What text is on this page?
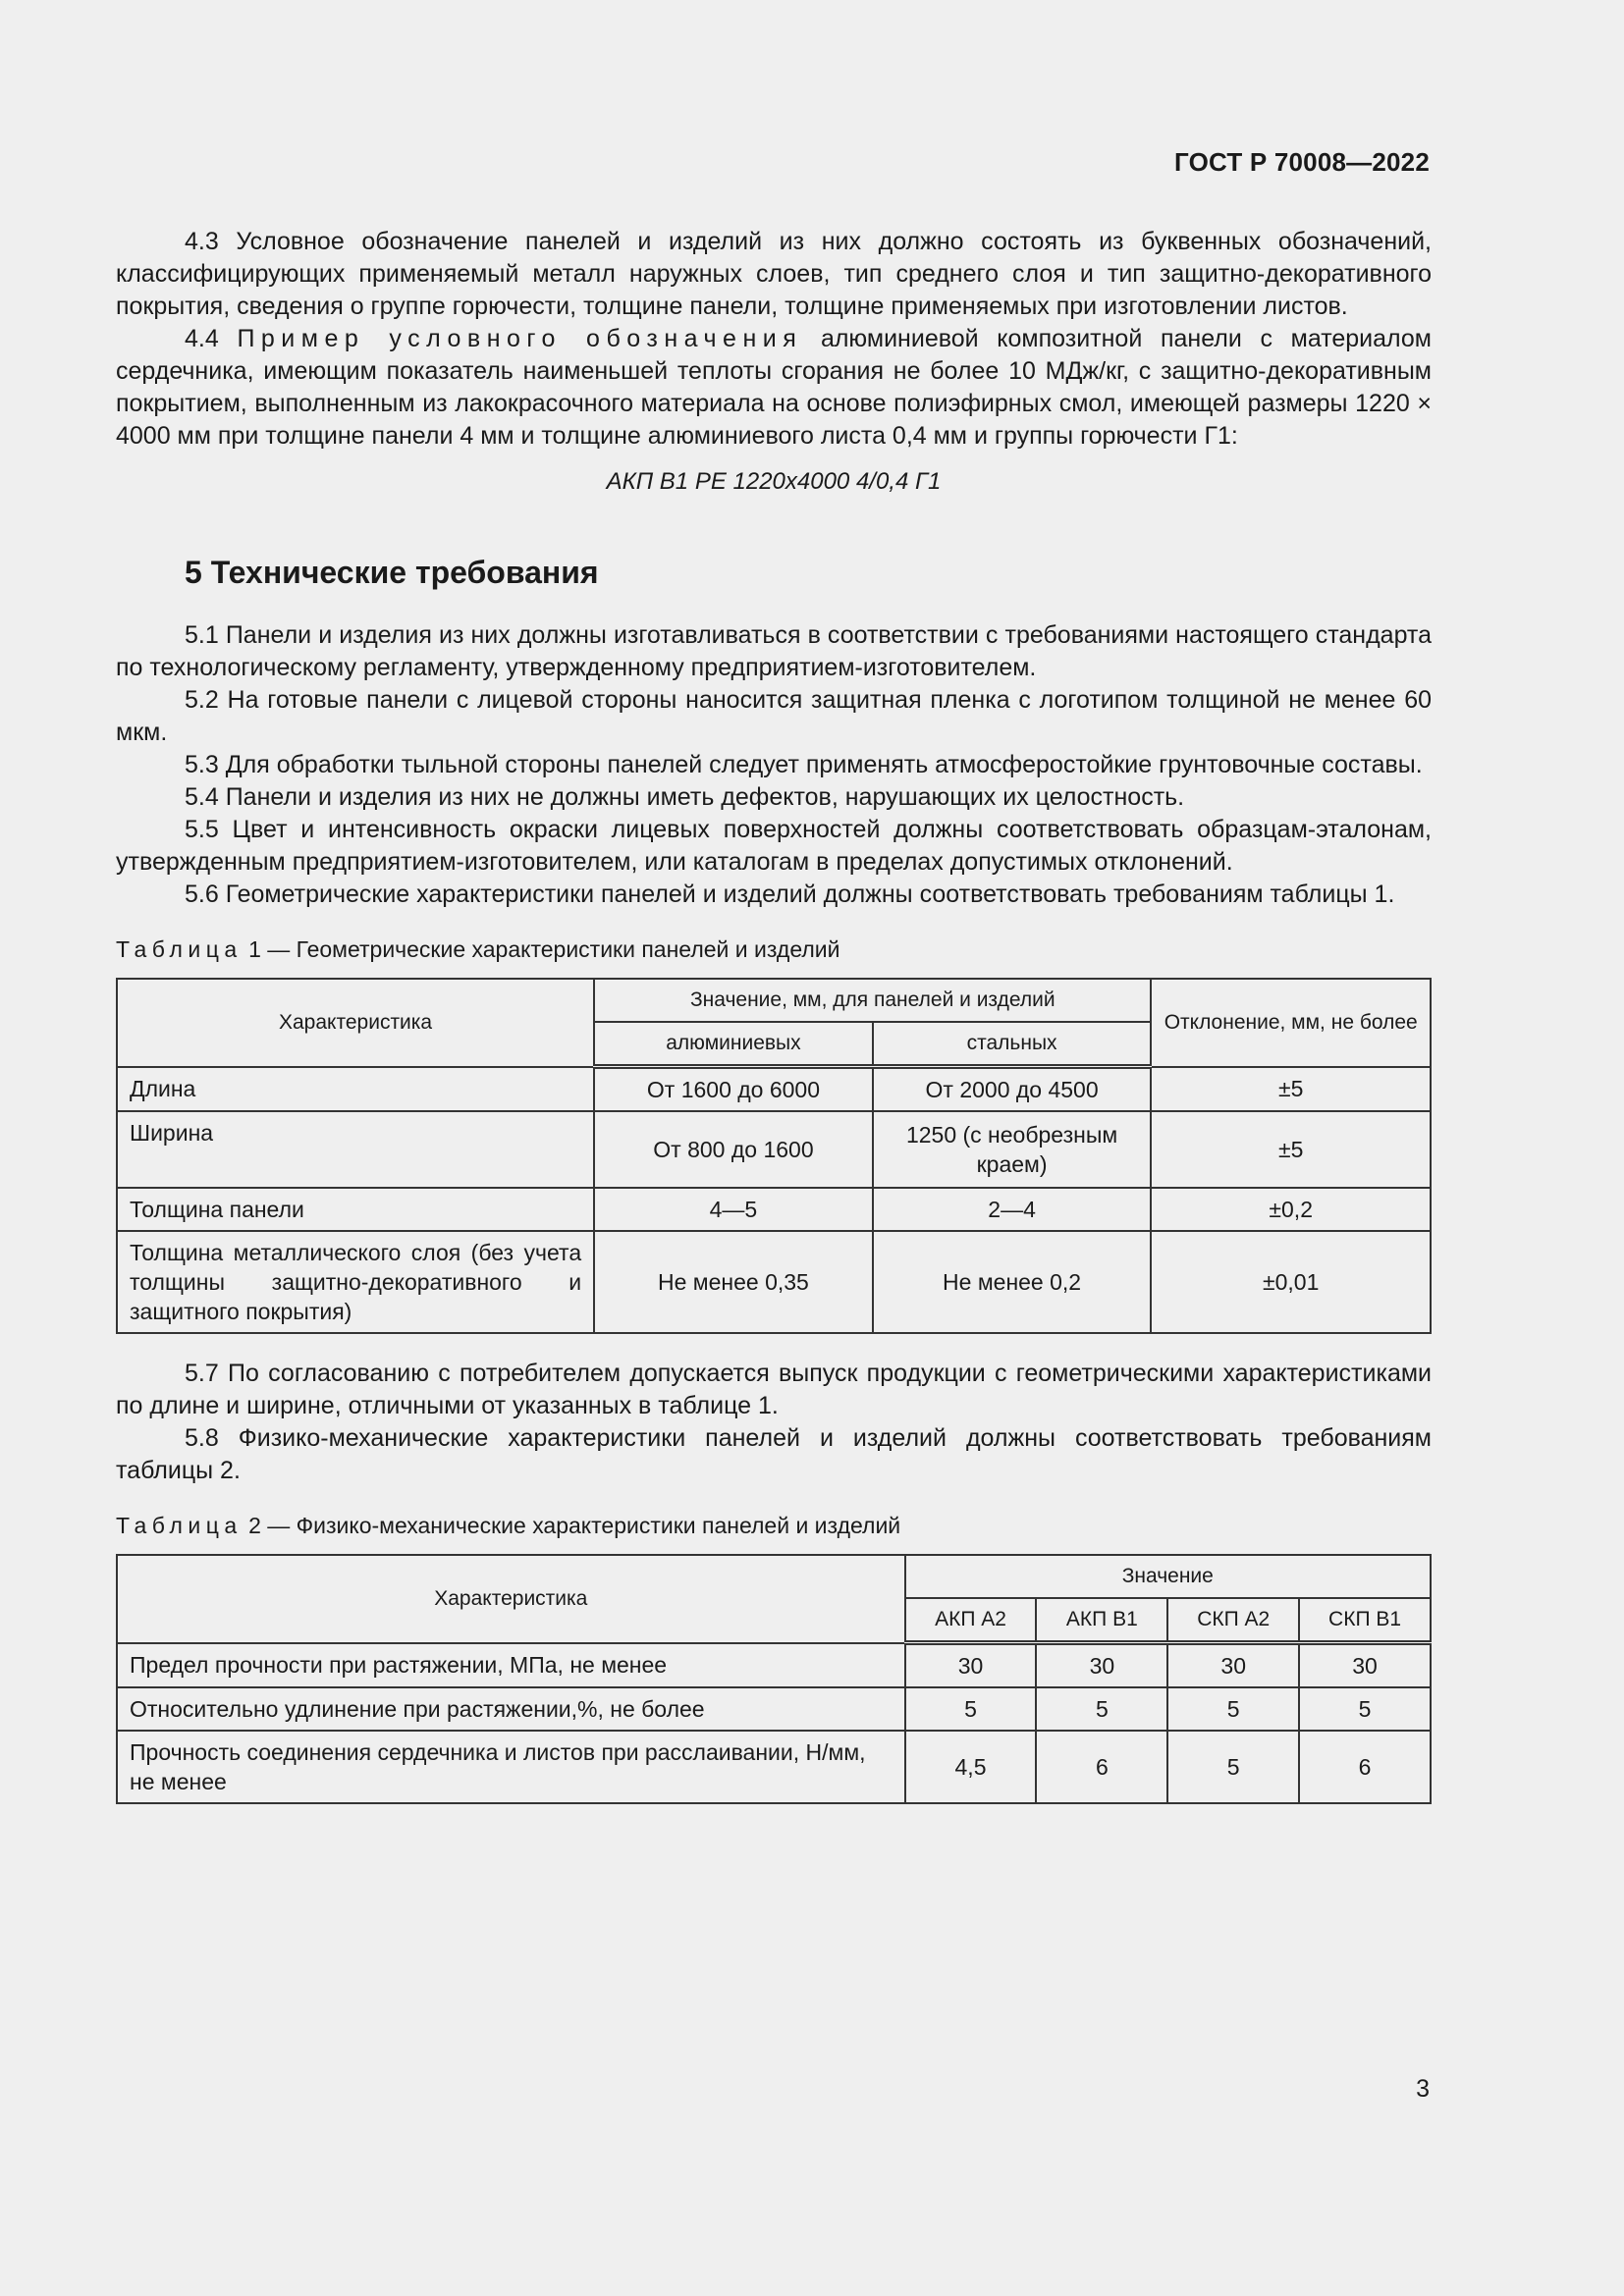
ГОСТ Р 70008—2022

4.3 Условное обозначение панелей и изделий из них должно состоять из буквенных обозначений, классифицирующих применяемый металл наружных слоев, тип среднего слоя и тип защитно-декоративного покрытия, сведения о группе горючести, толщине панели, толщине применяемых при изготовлении листов.

4.4 Пример условного обозначения алюминиевой композитной панели с материалом сердечника, имеющим показатель наименьшей теплоты сгорания не более 10 МДж/кг, с защитно-декоративным покрытием, выполненным из лакокрасочного материала на основе полиэфирных смол, имеющей размеры 1220 × 4000 мм при толщине панели 4 мм и толщине алюминиевого листа 0,4 мм и группы горючести Г1:

АКП В1 PE 1220х4000 4/0,4 Г1

5 Технические требования

5.1 Панели и изделия из них должны изготавливаться в соответствии с требованиями настоящего стандарта по технологическому регламенту, утвержденному предприятием-изготовителем.

5.2 На готовые панели с лицевой стороны наносится защитная пленка с логотипом толщиной не менее 60 мкм.

5.3 Для обработки тыльной стороны панелей следует применять атмосферостойкие грунтовочные составы.

5.4 Панели и изделия из них не должны иметь дефектов, нарушающих их целостность.

5.5 Цвет и интенсивность окраски лицевых поверхностей должны соответствовать образцам-эталонам, утвержденным предприятием-изготовителем, или каталогам в пределах допустимых отклонений.

5.6 Геометрические характеристики панелей и изделий должны соответствовать требованиям таблицы 1.

Таблица 1 — Геометрические характеристики панелей и изделий
Характеристика	Значение, мм, для панелей и изделий		Отклонение, мм, не более
	алюминиевых	стальных	
Длина	От 1600 до 6000	От 2000 до 4500	±5
Ширина	От 800 до 1600	1250 (с необрезным краем)	±5
Толщина панели	4—5	2—4	±0,2
Толщина металлического слоя (без учета толщины защитно-декоративного и защитного покрытия)	Не менее 0,35	Не менее 0,2	±0,01

5.7 По согласованию с потребителем допускается выпуск продукции с геометрическими характеристиками по длине и ширине, отличными от указанных в таблице 1.

5.8 Физико-механические характеристики панелей и изделий должны соответствовать требованиям таблицы 2.

Таблица 2 — Физико-механические характеристики панелей и изделий
Характеристика	Значение			
	АКП А2	АКП В1	СКП А2	СКП В1
Предел прочности при растяжении, МПа, не менее	30	30	30	30
Относительно удлинение при растяжении,%, не более	5	5	5	5
Прочность соединения сердечника и листов при расслаивании, Н/мм, не менее	4,5	6	5	6
3
